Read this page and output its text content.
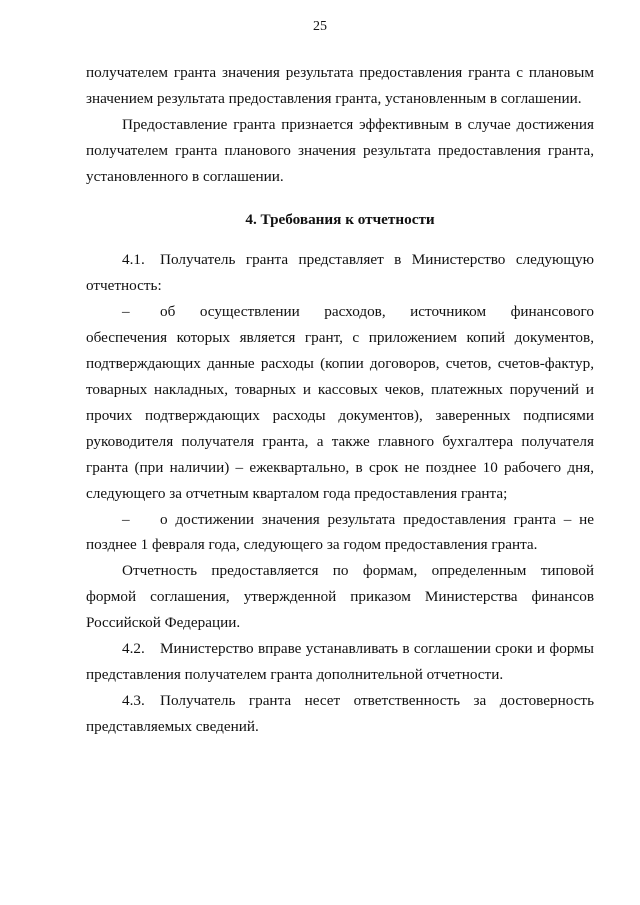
25

получателем гранта значения результата предоставления гранта с плановым значением результата предоставления гранта, установленным в соглашении.

Предоставление гранта признается эффективным в случае достижения получателем гранта планового значения результата предоставления гранта, установленного в соглашении.

4. Требования к отчетности

4.1. Получатель гранта представляет в Министерство следующую отчетность:

– об осуществлении расходов, источником финансового обеспечения которых является грант, с приложением копий документов, подтверждающих данные расходы (копии договоров, счетов, счетов-фактур, товарных накладных, товарных и кассовых чеков, платежных поручений и прочих подтверждающих расходы документов), заверенных подписями руководителя получателя гранта, а также главного бухгалтера получателя гранта (при наличии) – ежеквартально, в срок не позднее 10 рабочего дня, следующего за отчетным кварталом года предоставления гранта;

– о достижении значения результата предоставления гранта – не позднее 1 февраля года, следующего за годом предоставления гранта.

Отчетность предоставляется по формам, определенным типовой формой соглашения, утвержденной приказом Министерства финансов Российской Федерации.

4.2. Министерство вправе устанавливать в соглашении сроки и формы представления получателем гранта дополнительной отчетности.

4.3. Получатель гранта несет ответственность за достоверность представляемых сведений.
